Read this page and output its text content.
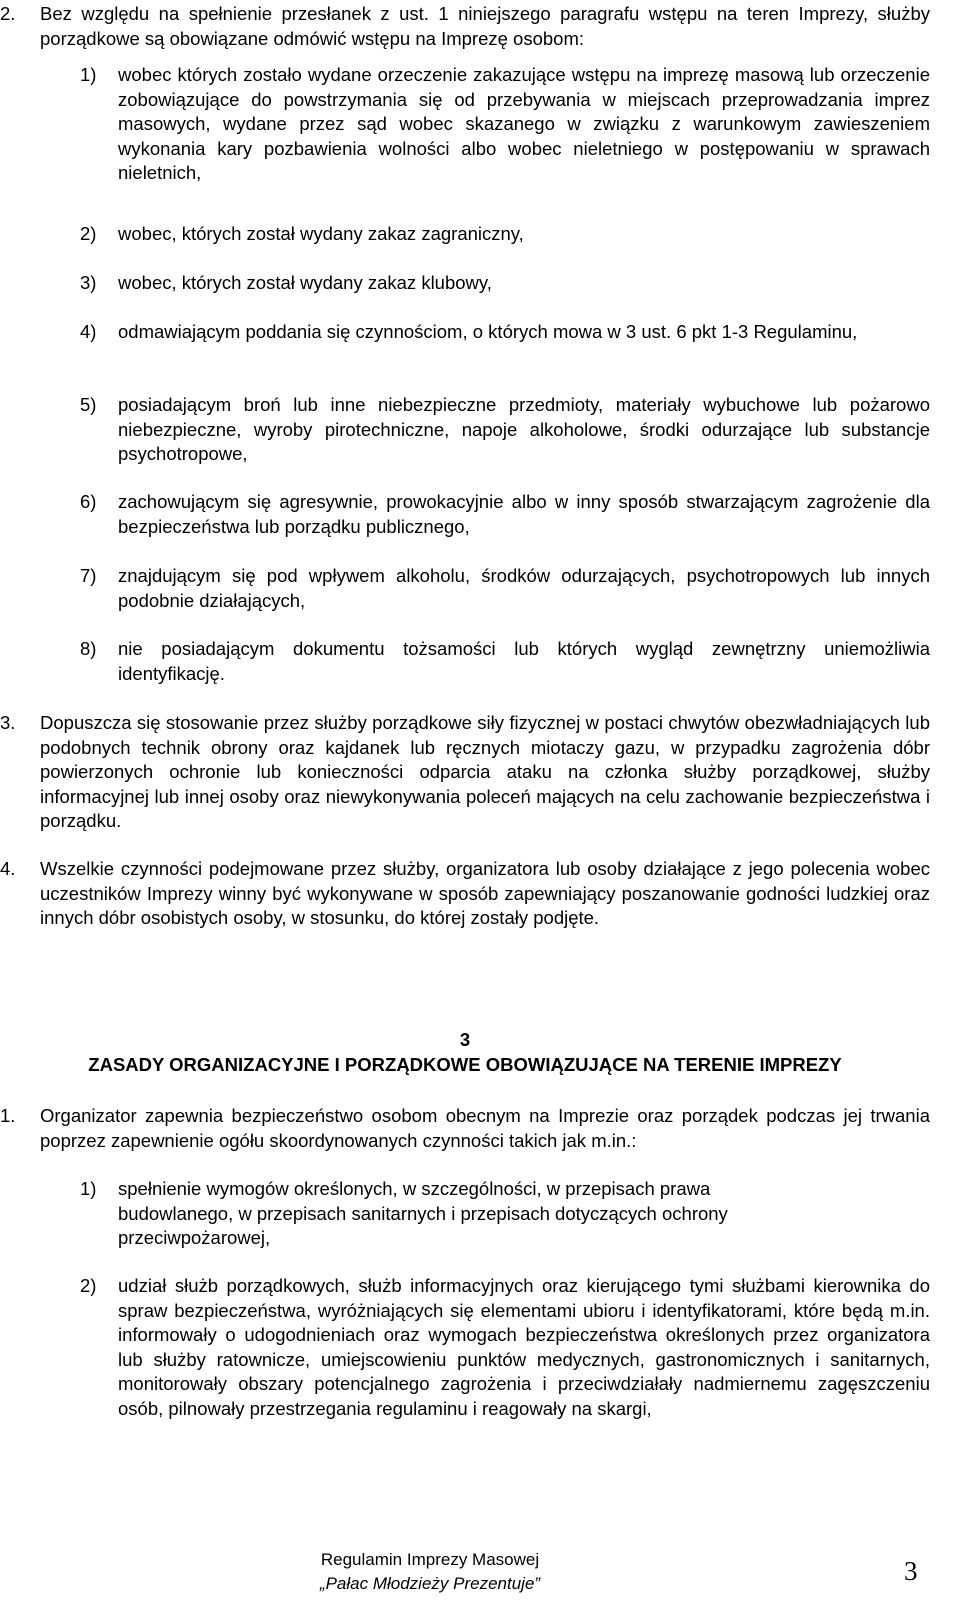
2. Bez względu na spełnienie przesłanek z ust. 1 niniejszego paragrafu wstępu na teren Imprezy, służby porządkowe są obowiązane odmówić wstępu na Imprezę osobom:
1) wobec których zostało wydane orzeczenie zakazujące wstępu na imprezę masową lub orzeczenie zobowiązujące do powstrzymania się od przebywania w miejscach przeprowadzania imprez masowych, wydane przez sąd wobec skazanego w związku z warunkowym zawieszeniem wykonania kary pozbawienia wolności albo wobec nieletniego w postępowaniu w sprawach nieletnich,
2) wobec, których został wydany zakaz zagraniczny,
3) wobec, których został wydany zakaz klubowy,
4) odmawiającym poddania się czynnościom, o których mowa w 3 ust. 6 pkt 1-3 Regulaminu,
5) posiadającym broń lub inne niebezpieczne przedmioty, materiały wybuchowe lub pożarowo niebezpieczne, wyroby pirotechniczne, napoje alkoholowe, środki odurzające lub substancje psychotropowe,
6) zachowującym się agresywnie, prowokacyjnie albo w inny sposób stwarzającym zagrożenie dla bezpieczeństwa lub porządku publicznego,
7) znajdującym się pod wpływem alkoholu, środków odurzających, psychotropowych lub innych podobnie działających,
8) nie posiadającym dokumentu tożsamości lub których wygląd zewnętrzny uniemożliwia identyfikację.
3. Dopuszcza się stosowanie przez służby porządkowe siły fizycznej w postaci chwytów obezwładniających lub podobnych technik obrony oraz kajdanek lub ręcznych miotaczy gazu, w przypadku zagrożenia dóbr powierzonych ochronie lub konieczności odparcia ataku na członka służby porządkowej, służby informacyjnej lub innej osoby oraz niewykonywania poleceń mających na celu zachowanie bezpieczeństwa i porządku.
4. Wszelkie czynności podejmowane przez służby, organizatora lub osoby działające z jego polecenia wobec uczestników Imprezy winny być wykonywane w sposób zapewniający poszanowanie godności ludzkiej oraz innych dóbr osobistych osoby, w stosunku, do której zostały podjęte.
3
ZASADY ORGANIZACYJNE I PORZĄDKOWE OBOWIĄZUJĄCE NA TERENIE IMPREZY
1. Organizator zapewnia bezpieczeństwo osobom obecnym na Imprezie oraz porządek podczas jej trwania poprzez zapewnienie ogółu skoordynowanych czynności takich jak m.in.:
1) spełnienie wymogów określonych, w szczególności, w przepisach prawa
budowlanego, w przepisach sanitarnych i przepisach dotyczących ochrony
przeciwpożarowej,
2) udział służb porządkowych, służb informacyjnych oraz kierującego tymi służbami kierownika do spraw bezpieczeństwa, wyróżniających się elementami ubioru i identyfikatorami, które będą m.in. informowały o udogodnieniach oraz wymogach bezpieczeństwa określonych przez organizatora lub służby ratownicze, umiejscowieniu punktów medycznych, gastronomicznych i sanitarnych, monitorowały obszary potencjalnego zagrożenia i przeciwdziałały nadmiernemu zagęszczeniu osób, pilnowały przestrzegania regulaminu i reagowały na skargi,
Regulamin Imprezy Masowej
„Pałac Młodzieży Prezentuje”	3
